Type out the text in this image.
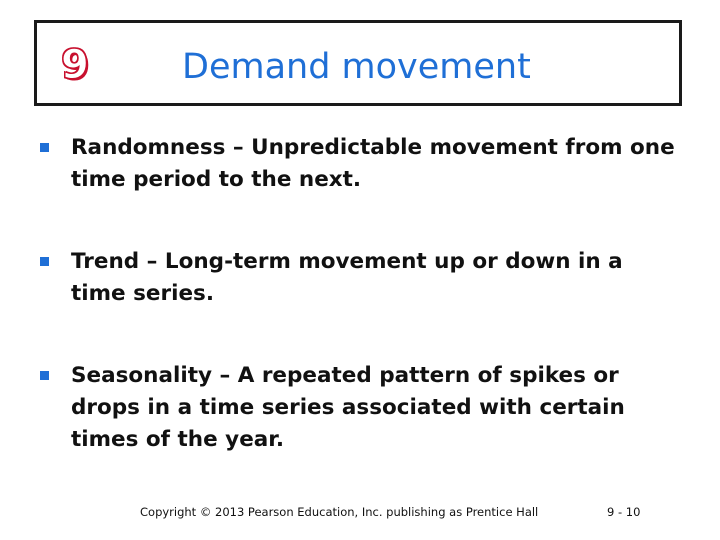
9	Demand movement
Randomness – Unpredictable movement from one time period to the next.
Trend – Long-term movement up or down in a time series.
Seasonality – A repeated pattern of spikes or drops in a time series associated with certain times of the year.
Copyright © 2013 Pearson Education, Inc. publishing as Prentice Hall	9 - 10
